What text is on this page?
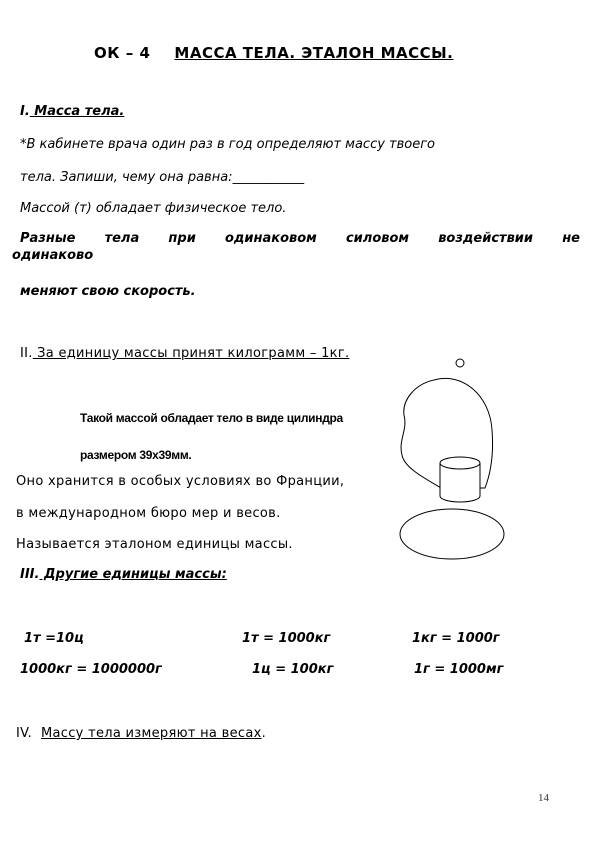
ОК – 4 МАССА ТЕЛА. ЭТАЛОН МАССЫ.
I. Масса тела.
*В кабинете врача один раз в год определяют массу твоего
тела. Запиши, чему она равна:___________
Массой (т) обладает физическое тело.
Разные тела при одинаковом силовом воздействии не
одинаково
меняют свою скорость.
II. За единицу массы принят килограмм – 1кг.
Такой массой обладает тело в виде цилиндра
размером 39х39мм.
Оно хранится в особых условиях во Франции,
в международном бюро мер и весов.
Называется эталоном единицы массы.
III. Другие единицы массы:
1т =10ц	1т = 1000кг	1кг = 1000г
1000кг = 1000000г	1ц = 100кг	1г = 1000мг
IV. Массу тела измеряют на весах.
14
